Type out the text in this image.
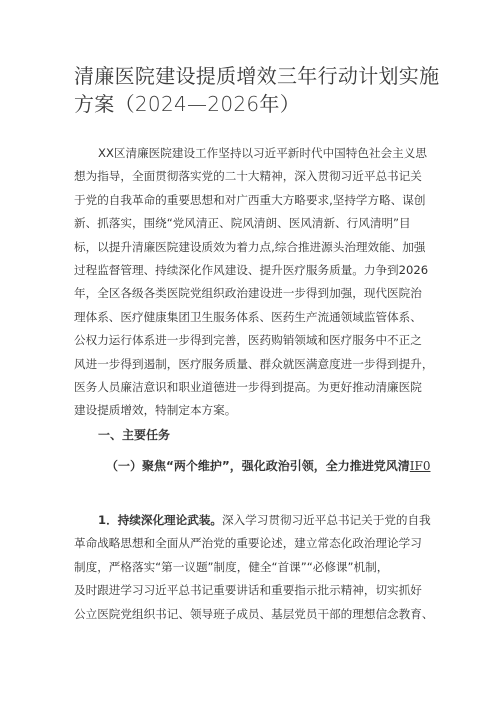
清廉医院建设提质增效三年行动计划实施
方案（2024—2026年）
XX区清廉医院建设工作坚持以习近平新时代中国特色社会主义思
想为指导，全面贯彻落实党的二十大精神，深入贯彻习近平总书记关
于党的自我革命的重要思想和对广西重大方略要求,坚持学方略、谋创
新、抓落实，围绕“党风清正、院风清朗、医风清新、行风清明”目
标，以提升清廉医院建设质效为着力点,综合推进源头治理效能、加强
过程监督管理、持续深化作风建设、提升医疗服务质量。力争到2026
年，全区各级各类医院党组织政治建设进一步得到加强，现代医院治
理体系、医疗健康集团卫生服务体系、医药生产流通领域监管体系、
公权力运行体系进一步得到完善，医药购销领域和医疗服务中不正之
风进一步得到遏制，医疗服务质量、群众就医满意度进一步得到提升，
医务人员廉洁意识和职业道德进一步得到提高。为更好推动清廉医院
建设提质增效，特制定本方案。
一、主要任务
（一）聚焦“两个维护”，强化政治引领，全力推进党风清IF0
1．持续深化理论武装。深入学习贯彻习近平总书记关于党的自我
革命战略思想和全面从严治党的重要论述，建立常态化政治理论学习
制度，严格落实“第一议题”制度，健全“首课”“必修课”机制，
及时跟进学习习近平总书记重要讲话和重要指示批示精神，切实抓好
公立医院党组织书记、领导班子成员、基层党员干部的理想信念教育、
